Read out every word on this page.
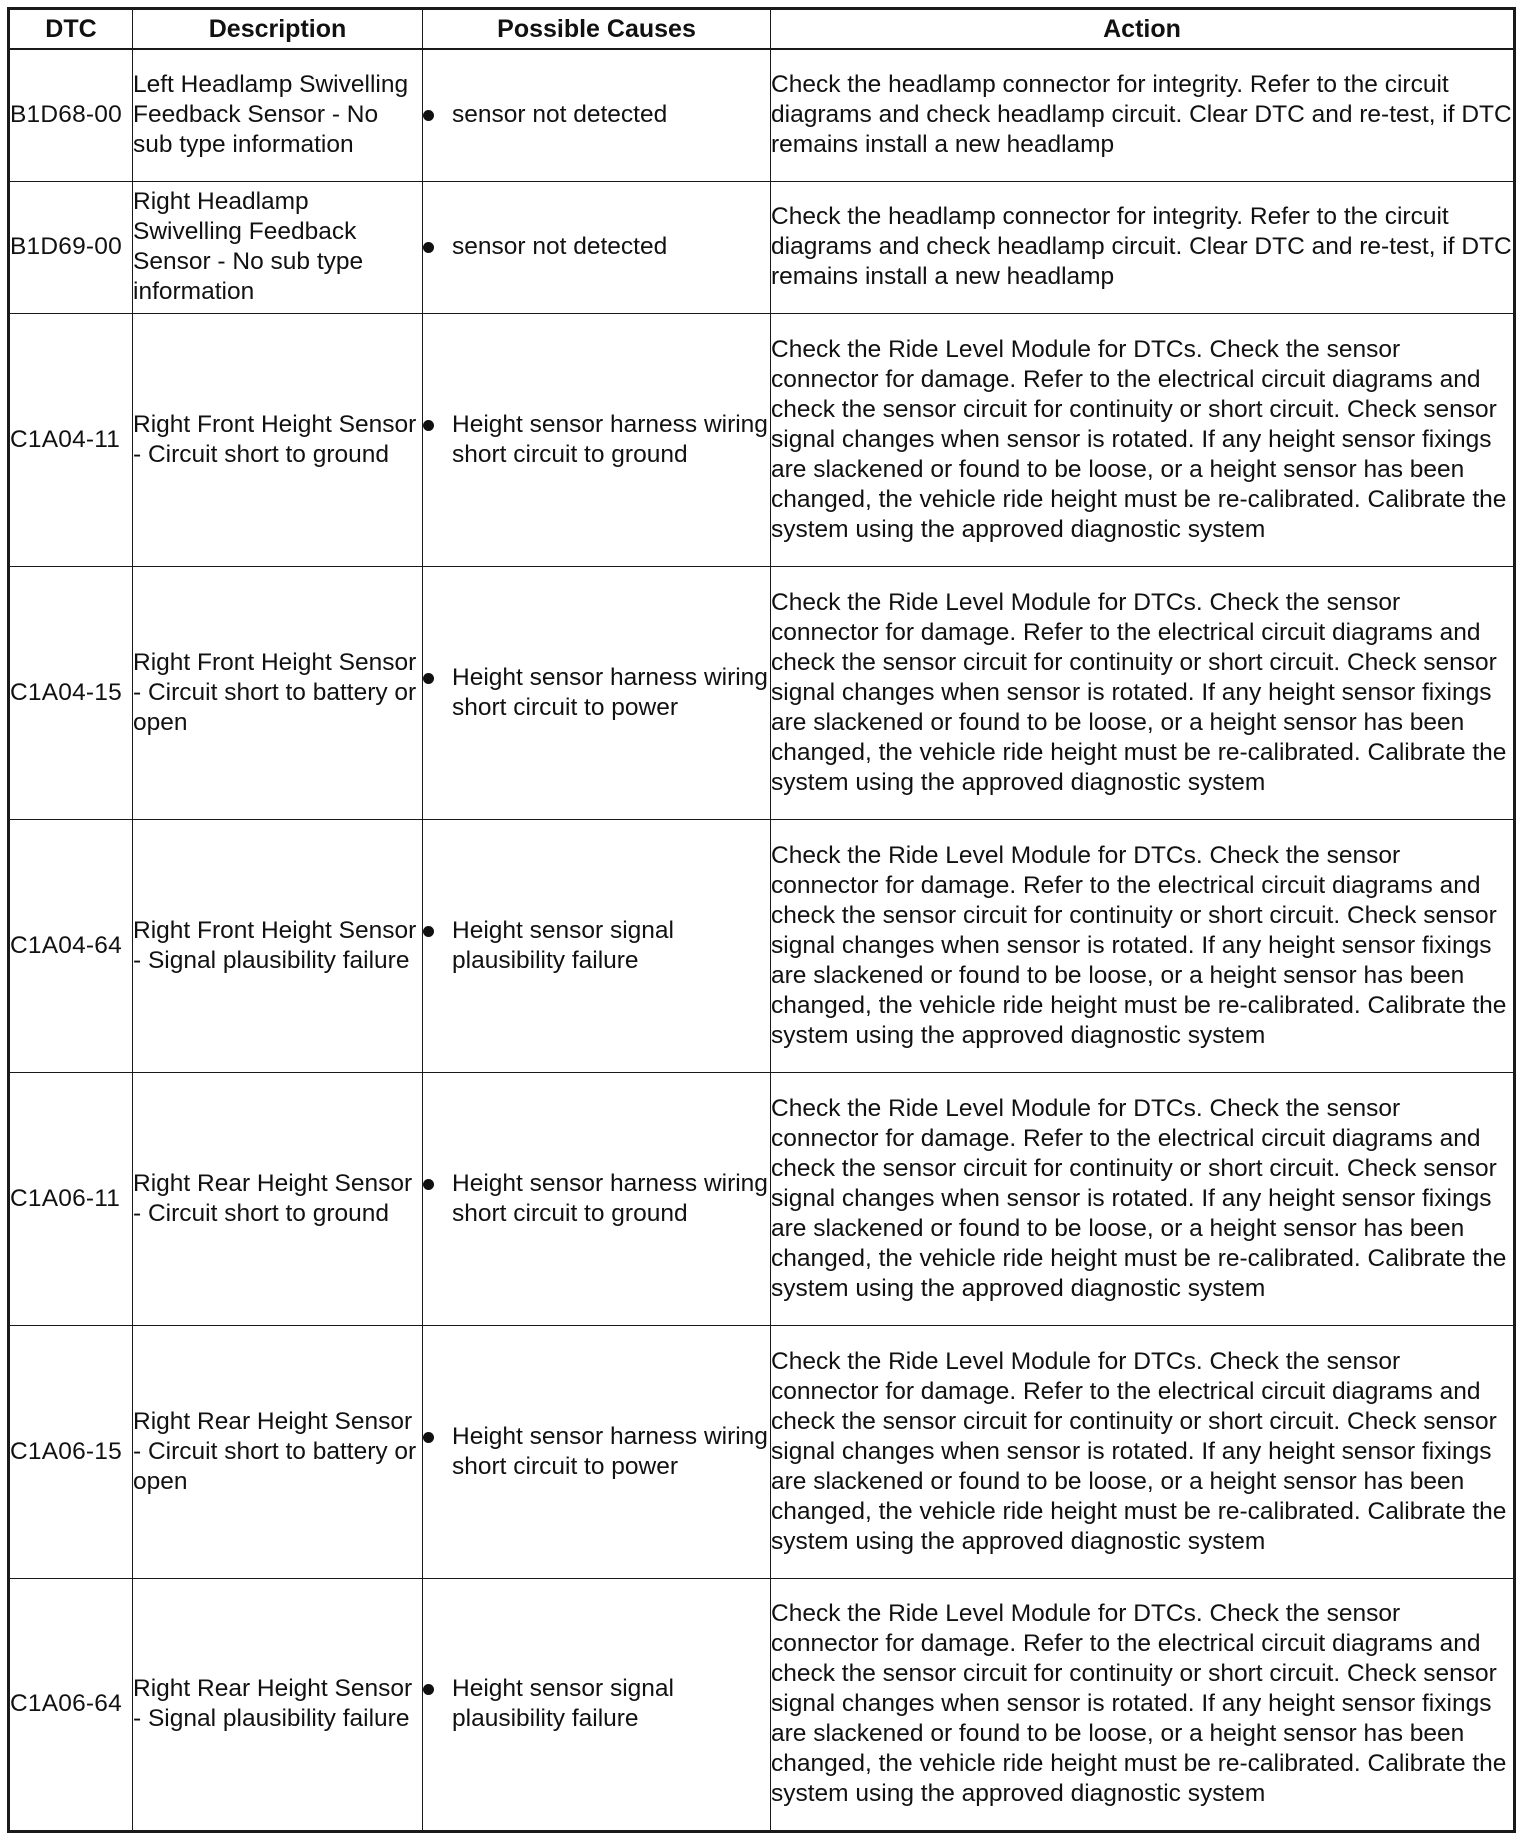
DTC	Description	Possible Causes	Action
B1D68-00	Left Headlamp Swivelling Feedback Sensor - No sub type information	sensor not detected	Check the headlamp connector for integrity. Refer to the circuit diagrams and check headlamp circuit. Clear DTC and re-test, if DTC remains install a new headlamp
B1D69-00	Right Headlamp Swivelling Feedback Sensor - No sub type information	sensor not detected	Check the headlamp connector for integrity. Refer to the circuit diagrams and check headlamp circuit. Clear DTC and re-test, if DTC remains install a new headlamp
C1A04-11	Right Front Height Sensor - Circuit short to ground	Height sensor harness wiring short circuit to ground	Check the Ride Level Module for DTCs. Check the sensor connector for damage. Refer to the electrical circuit diagrams and check the sensor circuit for continuity or short circuit. Check sensor signal changes when sensor is rotated. If any height sensor fixings are slackened or found to be loose, or a height sensor has been changed, the vehicle ride height must be re-calibrated. Calibrate the system using the approved diagnostic system
C1A04-15	Right Front Height Sensor - Circuit short to battery or open	Height sensor harness wiring short circuit to power	Check the Ride Level Module for DTCs. Check the sensor connector for damage. Refer to the electrical circuit diagrams and check the sensor circuit for continuity or short circuit. Check sensor signal changes when sensor is rotated. If any height sensor fixings are slackened or found to be loose, or a height sensor has been changed, the vehicle ride height must be re-calibrated. Calibrate the system using the approved diagnostic system
C1A04-64	Right Front Height Sensor - Signal plausibility failure	Height sensor signal plausibility failure	Check the Ride Level Module for DTCs. Check the sensor connector for damage. Refer to the electrical circuit diagrams and check the sensor circuit for continuity or short circuit. Check sensor signal changes when sensor is rotated. If any height sensor fixings are slackened or found to be loose, or a height sensor has been changed, the vehicle ride height must be re-calibrated. Calibrate the system using the approved diagnostic system
C1A06-11	Right Rear Height Sensor - Circuit short to ground	Height sensor harness wiring short circuit to ground	Check the Ride Level Module for DTCs. Check the sensor connector for damage. Refer to the electrical circuit diagrams and check the sensor circuit for continuity or short circuit. Check sensor signal changes when sensor is rotated. If any height sensor fixings are slackened or found to be loose, or a height sensor has been changed, the vehicle ride height must be re-calibrated. Calibrate the system using the approved diagnostic system
C1A06-15	Right Rear Height Sensor - Circuit short to battery or open	Height sensor harness wiring short circuit to power	Check the Ride Level Module for DTCs. Check the sensor connector for damage. Refer to the electrical circuit diagrams and check the sensor circuit for continuity or short circuit. Check sensor signal changes when sensor is rotated. If any height sensor fixings are slackened or found to be loose, or a height sensor has been changed, the vehicle ride height must be re-calibrated. Calibrate the system using the approved diagnostic system
C1A06-64	Right Rear Height Sensor - Signal plausibility failure	Height sensor signal plausibility failure	Check the Ride Level Module for DTCs. Check the sensor connector for damage. Refer to the electrical circuit diagrams and check the sensor circuit for continuity or short circuit. Check sensor signal changes when sensor is rotated. If any height sensor fixings are slackened or found to be loose, or a height sensor has been changed, the vehicle ride height must be re-calibrated. Calibrate the system using the approved diagnostic system
